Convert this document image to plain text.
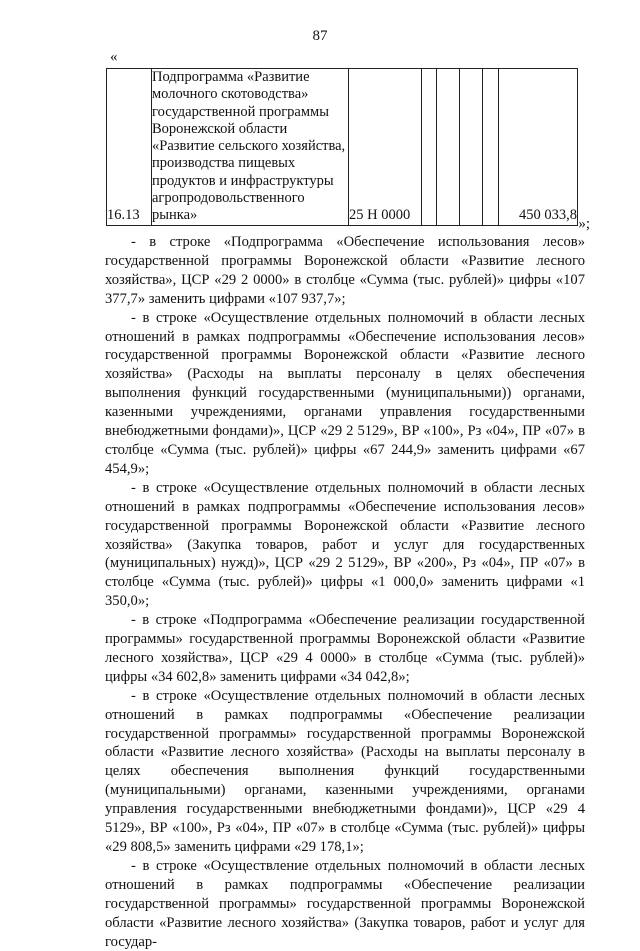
87
«
16.13	Подпрограмма «Развитие молочного скотоводства» государственной программы Воронежской области «Развитие сельского хозяйства, производства пищевых продуктов и инфраструктуры агропродовольственного рынка»	25 Н 0000					450 033,8
»;

- в строке «Подпрограмма «Обеспечение использования лесов» государственной программы Воронежской области «Развитие лесного хозяйства», ЦСР «29 2 0000» в столбце «Сумма (тыс. рублей)» цифры «107 377,7» заменить цифрами «107 937,7»;

- в строке «Осуществление отдельных полномочий в области лесных отношений в рамках подпрограммы «Обеспечение использования лесов» государственной программы Воронежской области «Развитие лесного хозяйства» (Расходы на выплаты персоналу в целях обеспечения выполнения функций государственными (муниципальными)) органами, казенными учреждениями, органами управления государственными внебюджетными фондами)», ЦСР «29 2 5129», ВР «100», Рз «04», ПР «07» в столбце «Сумма (тыс. рублей)» цифры «67 244,9» заменить цифрами «67 454,9»;

- в строке «Осуществление отдельных полномочий в области лесных отношений в рамках подпрограммы «Обеспечение использования лесов» государственной программы Воронежской области «Развитие лесного хозяйства» (Закупка товаров, работ и услуг для государственных (муниципальных) нужд)», ЦСР «29 2 5129», ВР «200», Рз «04», ПР «07» в столбце «Сумма (тыс. рублей)» цифры «1 000,0» заменить цифрами «1 350,0»;

- в строке «Подпрограмма «Обеспечение реализации государственной программы» государственной программы Воронежской области «Развитие лесного хозяйства», ЦСР «29 4 0000» в столбце «Сумма (тыс. рублей)» цифры «34 602,8» заменить цифрами «34 042,8»;

- в строке «Осуществление отдельных полномочий в области лесных отношений в рамках подпрограммы «Обеспечение реализации государственной программы» государственной программы Воронежской области «Развитие лесного хозяйства» (Расходы на выплаты персоналу в целях обеспечения выполнения функций государственными (муниципальными) органами, казенными учреждениями, органами управления государственными внебюджетными фондами)», ЦСР «29 4 5129», ВР «100», Рз «04», ПР «07» в столбце «Сумма (тыс. рублей)» цифры «29 808,5» заменить цифрами «29 178,1»;

- в строке «Осуществление отдельных полномочий в области лесных отношений в рамках подпрограммы «Обеспечение реализации государственной программы» государственной программы Воронежской области «Развитие лесного хозяйства» (Закупка товаров, работ и услуг для государ-
